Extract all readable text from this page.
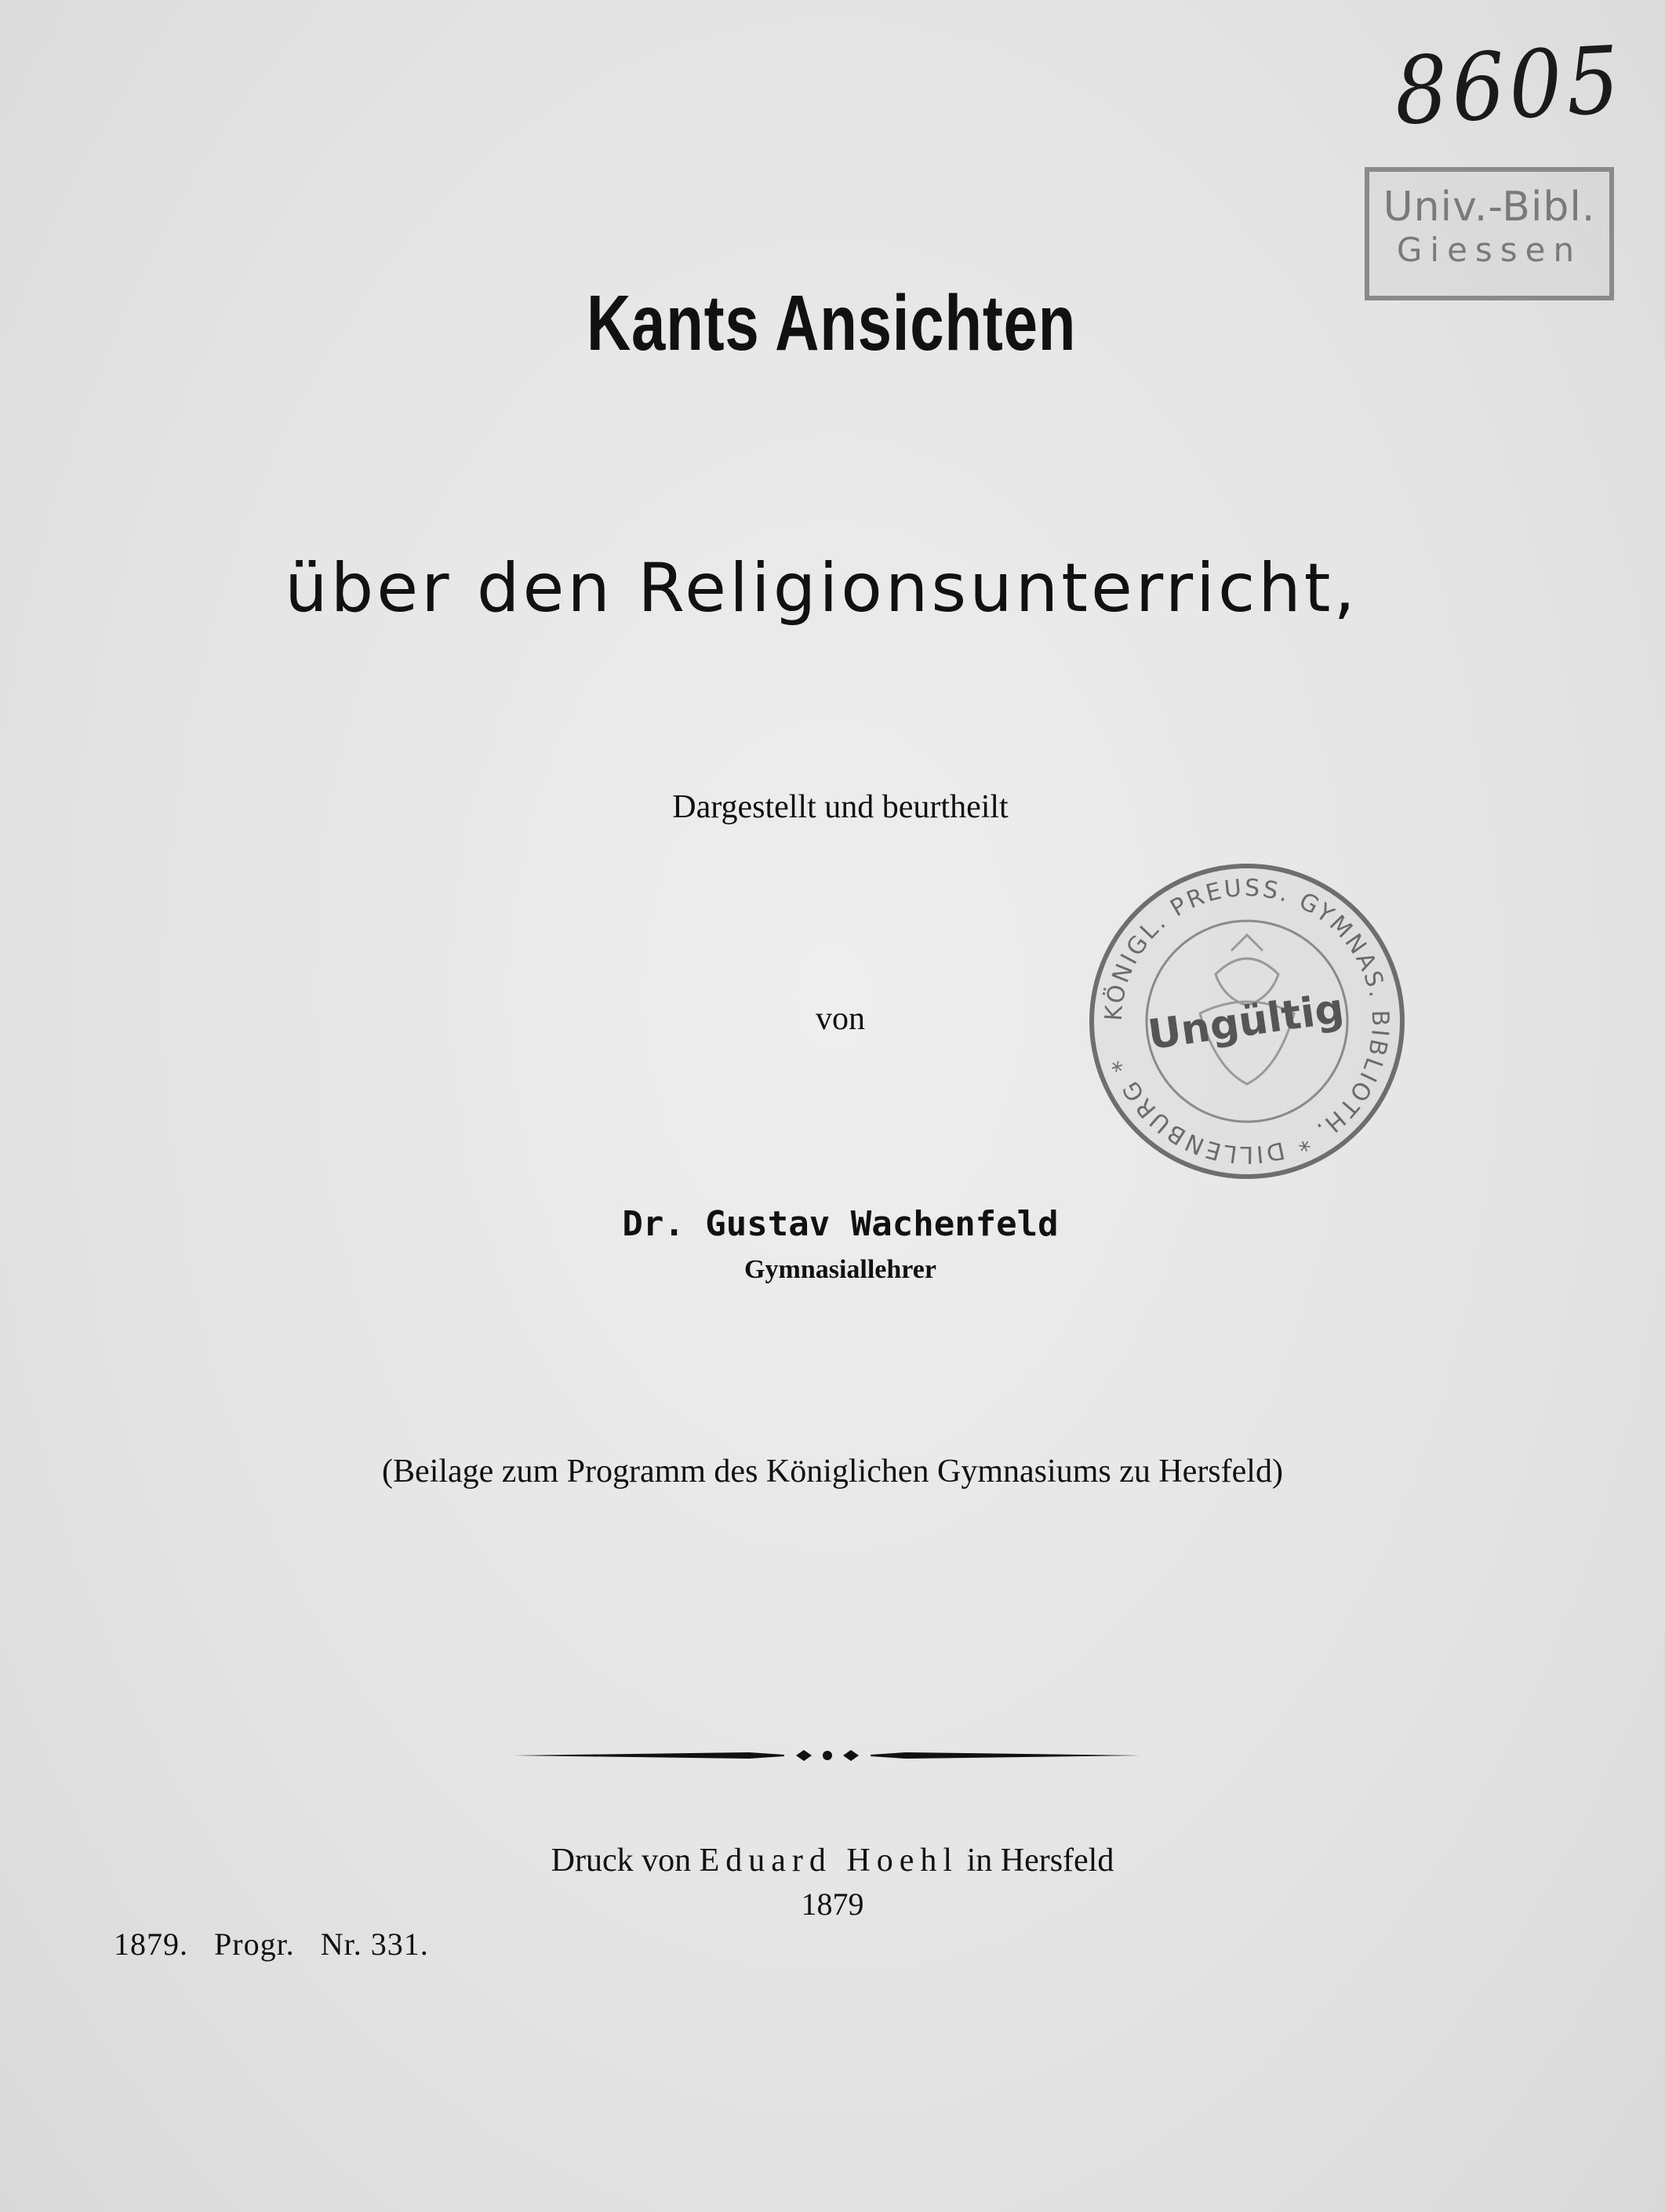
8605
Univ.-Bibl.
Giessen
Kants Ansichten
über den Religionsunterricht,
Dargestellt und beurtheilt
KÖNIGL. PREUSS. GYMNAS. BIBLIOTH. * DILLENBURG *
Ungültig
von
Dr. Gustav Wachenfeld
Gymnasiallehrer
(Beilage zum Programm des Königlichen Gymnasiums zu Hersfeld)
Druck von Eduard Hoehl in Hersfeld
1879
1879. Progr. Nr. 331.
